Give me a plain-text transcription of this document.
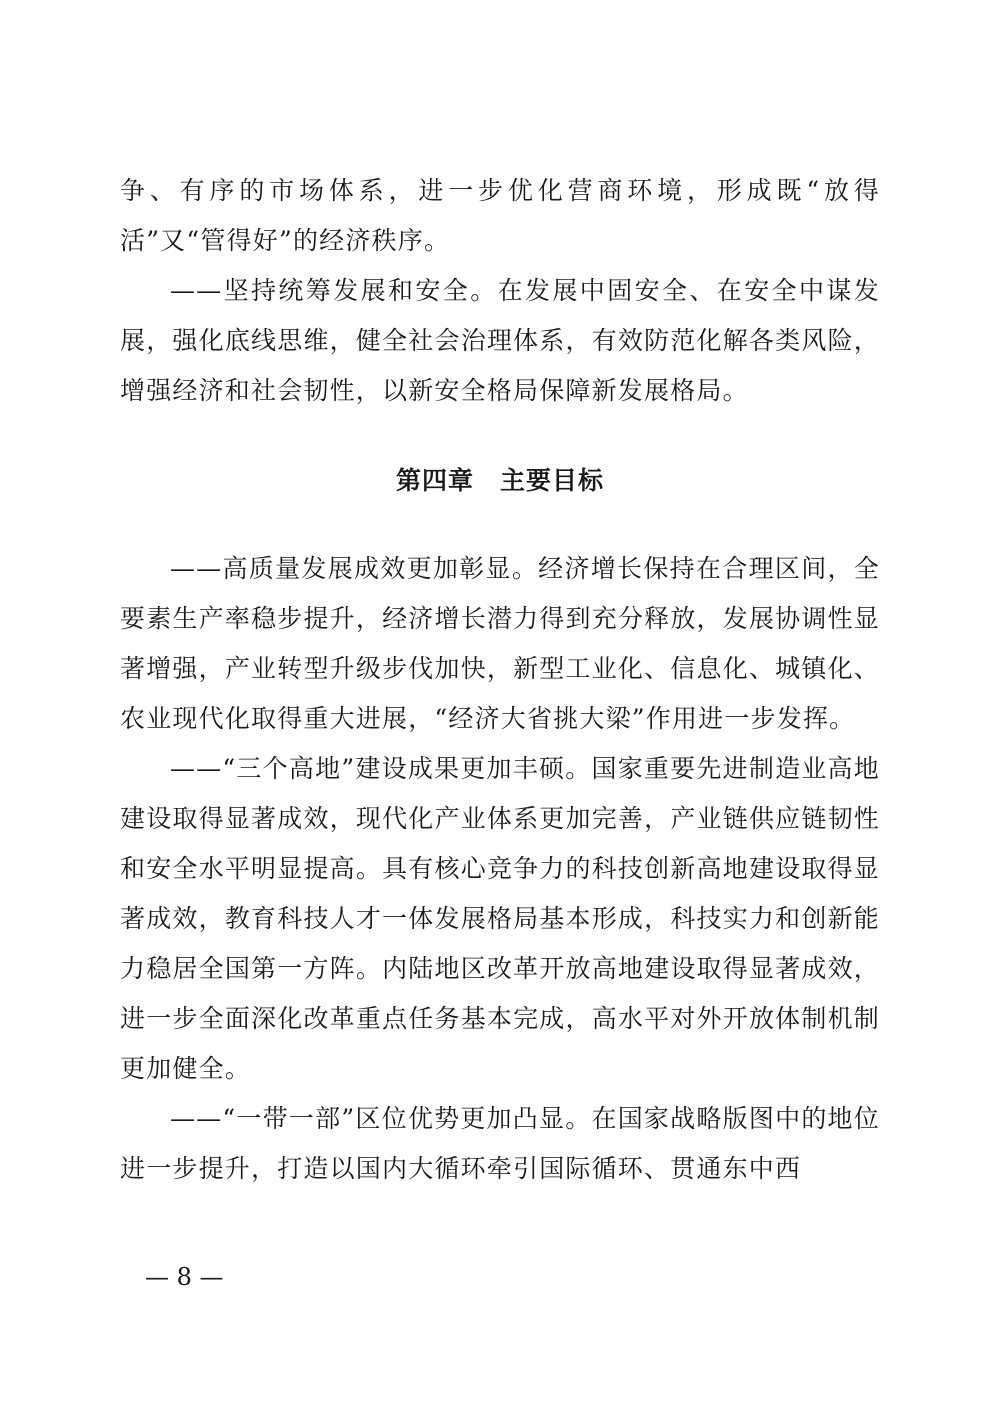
争、有序的市场体系，进一步优化营商环境，形成既“放得活”又“管得好”的经济秩序。

——坚持统筹发展和安全。在发展中固安全、在安全中谋发展，强化底线思维，健全社会治理体系，有效防范化解各类风险，增强经济和社会韧性，以新安全格局保障新发展格局。

第四章　主要目标

——高质量发展成效更加彰显。经济增长保持在合理区间，全要素生产率稳步提升，经济增长潜力得到充分释放，发展协调性显著增强，产业转型升级步伐加快，新型工业化、信息化、城镇化、农业现代化取得重大进展，“经济大省挑大梁”作用进一步发挥。

——“三个高地”建设成果更加丰硕。国家重要先进制造业高地建设取得显著成效，现代化产业体系更加完善，产业链供应链韧性和安全水平明显提高。具有核心竞争力的科技创新高地建设取得显著成效，教育科技人才一体发展格局基本形成，科技实力和创新能力稳居全国第一方阵。内陆地区改革开放高地建设取得显著成效，进一步全面深化改革重点任务基本完成，高水平对外开放体制机制更加健全。

——“一带一部”区位优势更加凸显。在国家战略版图中的地位进一步提升，打造以国内大循环牵引国际循环、贯通东中西

— 8 —
